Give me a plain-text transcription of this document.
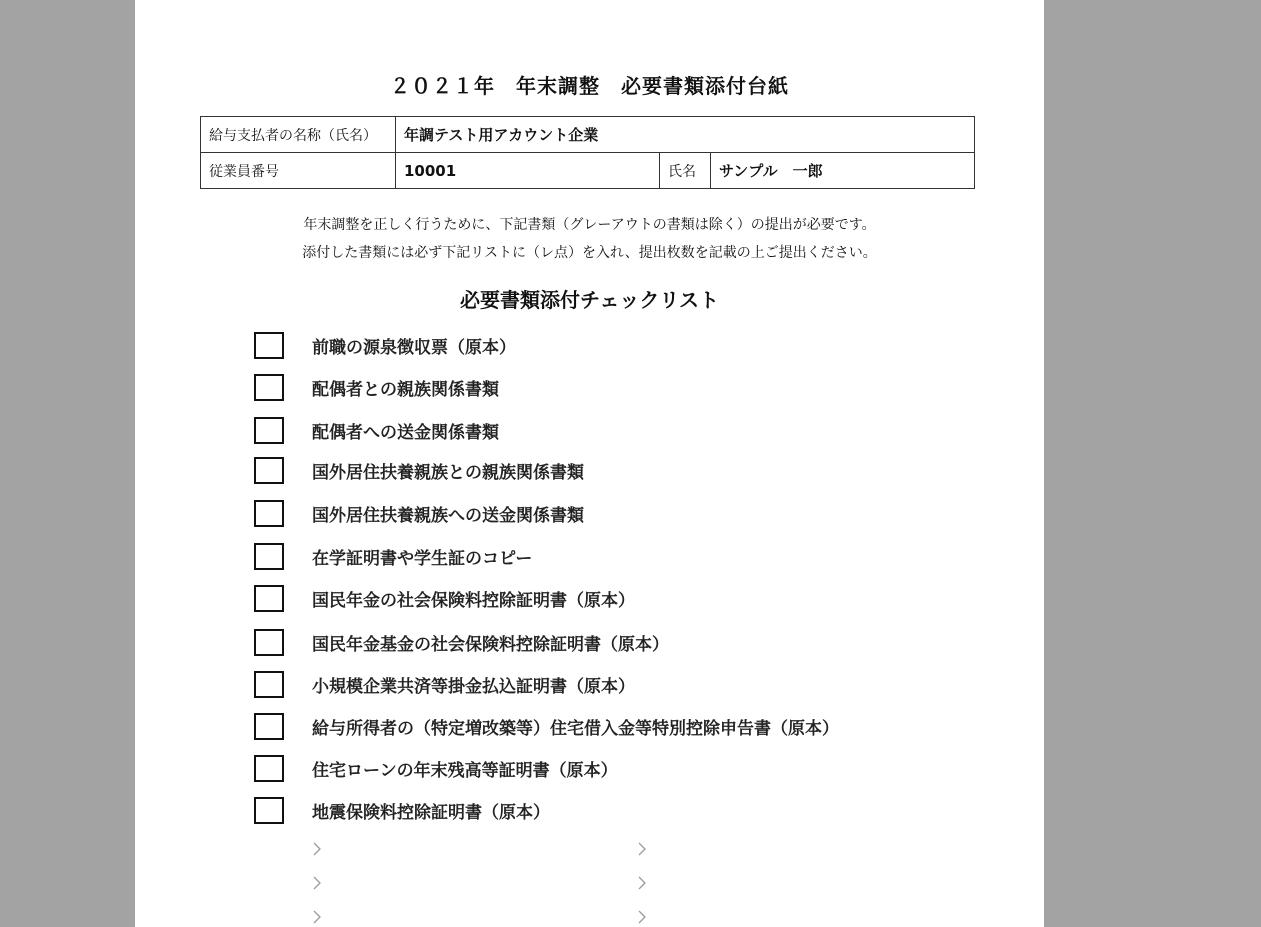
２０２１年　年末調整　必要書類添付台紙
給与支払者の名称（氏名）	年調テスト用アカウント企業		
従業員番号	10001	氏名	サンプル　一郎
年末調整を正しく行うために、下記書類（グレーアウトの書類は除く）の提出が必要です。
添付した書類には必ず下記リストに（レ点）を入れ、提出枚数を記載の上ご提出ください。
必要書類添付チェックリスト
前職の源泉徴収票（原本）
配偶者との親族関係書類
配偶者への送金関係書類
国外居住扶養親族との親族関係書類
国外居住扶養親族への送金関係書類
在学証明書や学生証のコピー
国民年金の社会保険料控除証明書（原本）
国民年金基金の社会保険料控除証明書（原本）
小規模企業共済等掛金払込証明書（原本）
給与所得者の（特定増改築等）住宅借入金等特別控除申告書（原本）
住宅ローンの年末残高等証明書（原本）
地震保険料控除証明書（原本）
